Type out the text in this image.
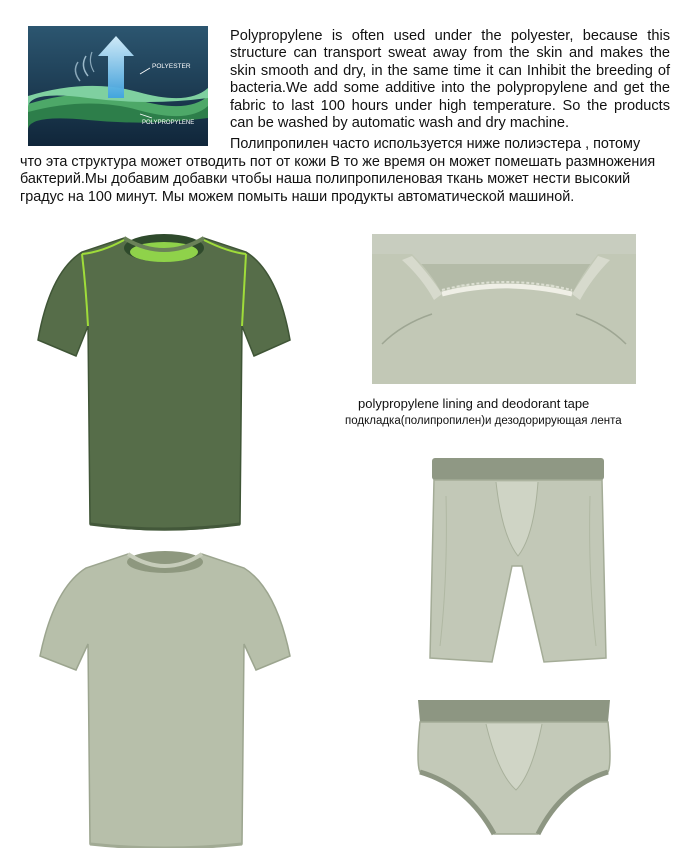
POLYESTER
POLYPROPYLENE
Polypropylene is often used under the polyester, because this structure can transport sweat away from the skin and makes the skin smooth and dry, in the same time it can Inhibit the breeding of bacteria.We add some additive into the polypropylene and get the fabric to last 100 hours under high temperature. So the products can be washed by automatic wash and dry machine.
Полипропилен часто используется ниже полиэстера , потому
что эта структура может отводить пот от кожи В то же время он может помешать размножения бактерий.Мы добавим добавки чтобы наша полипропиленовая ткань может нести высокий градус на 100 минут. Мы можем помыть наши продукты автоматической машиной.
polypropylene lining and deodorant tape
подкладка(полипропилен)и дезодорирующая лента
